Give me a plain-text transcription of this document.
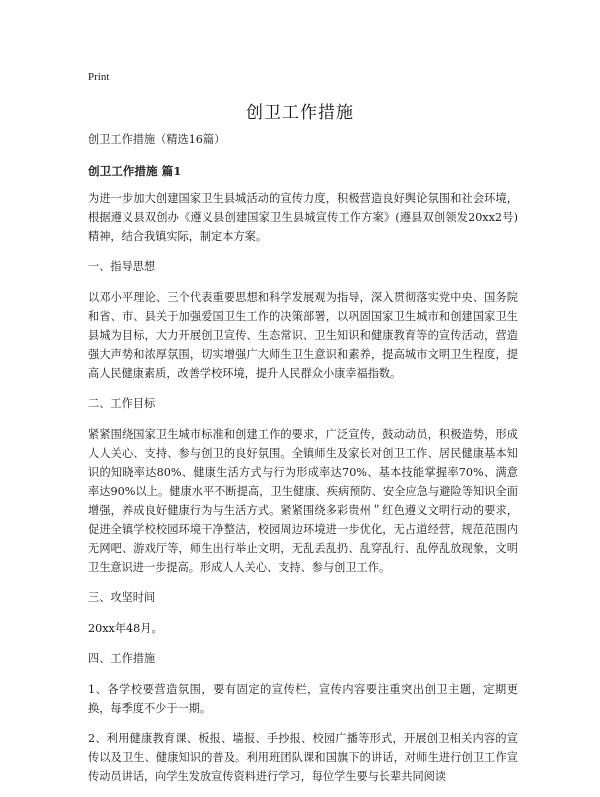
Print
创卫工作措施

创卫工作措施（精选16篇）

创卫工作措施 篇1

为进一步加大创建国家卫生县城活动的宣传力度，积极营造良好舆论氛围和社会环境，根据遵义县双创办《遵义县创建国家卫生县城宣传工作方案》(遵县双创领发20xx2号)精神，结合我镇实际，制定本方案。

一、指导思想

以邓小平理论、三个代表重要思想和科学发展观为指导，深入贯彻落实党中央、国务院和省、市、县关于加强爱国卫生工作的决策部署，以巩固国家卫生城市和创建国家卫生县城为目标，大力开展创卫宣传、生态常识、卫生知识和健康教育等的宣传活动，营造强大声势和浓厚氛围，切实增强广大师生卫生意识和素养，提高城市文明卫生程度，提高人民健康素质，改善学校环境，提升人民群众小康幸福指数。

二、工作目标

紧紧围绕国家卫生城市标准和创建工作的要求，广泛宣传，鼓动动员，积极造势，形成人人关心、支持、参与创卫的良好氛围。全镇师生及家长对创卫工作、居民健康基本知识的知晓率达80%、健康生活方式与行为形成率达70%、基本技能掌握率70%、满意率达90%以上。健康水平不断提高，卫生健康、疾病预防、安全应急与避险等知识全面增强，养成良好健康行为与生活方式。紧紧围绕多彩贵州＂红色遵义文明行动的要求，促进全镇学校校园环境干净整洁，校园周边环境进一步优化，无占道经营，规范范围内无网吧、游戏厅等，师生出行举止文明，无乱丢乱扔、乱穿乱行、乱停乱放现象，文明卫生意识进一步提高。形成人人关心、支持、参与创卫工作。

三、攻坚时间

20xx年48月。

四、工作措施

1、各学校要营造氛围，要有固定的宣传栏，宣传内容要注重突出创卫主题，定期更换，每季度不少于一期。

2、利用健康教育课、板报、墙报、手抄报、校园广播等形式，开展创卫相关内容的宣传以及卫生、健康知识的普及。利用班团队课和国旗下的讲话，对师生进行创卫工作宣传动员讲话，向学生发放宣传资料进行学习，每位学生要与长辈共同阅读
